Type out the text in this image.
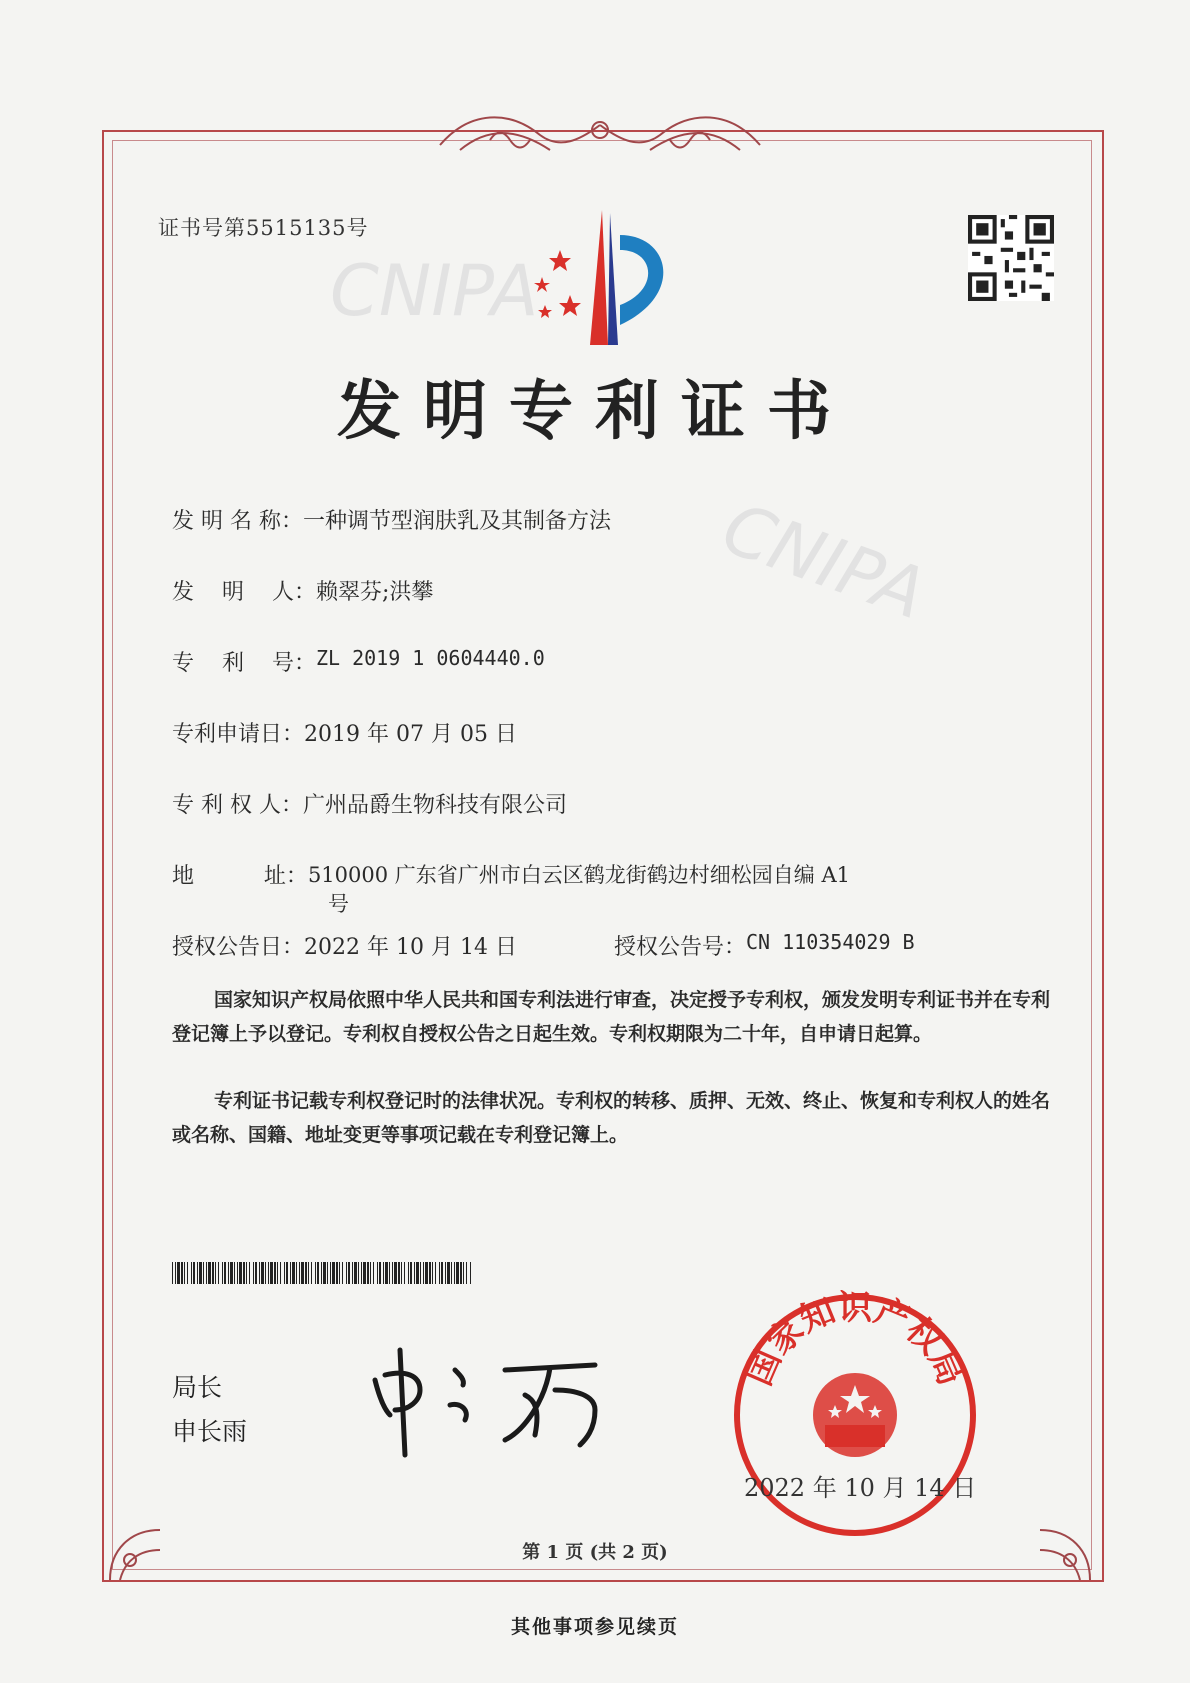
CNIPA
CNIPA
证书号第5515135号
发明专利证书
发 明 名 称： 一种调节型润肤乳及其制备方法
发    明    人： 赖翠芬;洪攀
专    利    号： ZL 2019 1 0604440.0
专利申请日： 2019 年 07 月 05 日
专 利 权 人： 广州品爵生物科技有限公司
地          址： 510000 广东省广州市白云区鹤龙街鹤边村细松园自编 A1
号
授权公告日： 2022 年 10 月 14 日	授权公告号： CN 110354029 B
国家知识产权局依照中华人民共和国专利法进行审查，决定授予专利权，颁发发明专利证书并在专利登记簿上予以登记。专利权自授权公告之日起生效。专利权期限为二十年，自申请日起算。
专利证书记载专利权登记时的法律状况。专利权的转移、质押、无效、终止、恢复和专利权人的姓名或名称、国籍、地址变更等事项记载在专利登记簿上。
局长
申长雨
国家知识产权局
2022 年 10 月 14 日
第 1 页 (共 2 页)
其他事项参见续页
